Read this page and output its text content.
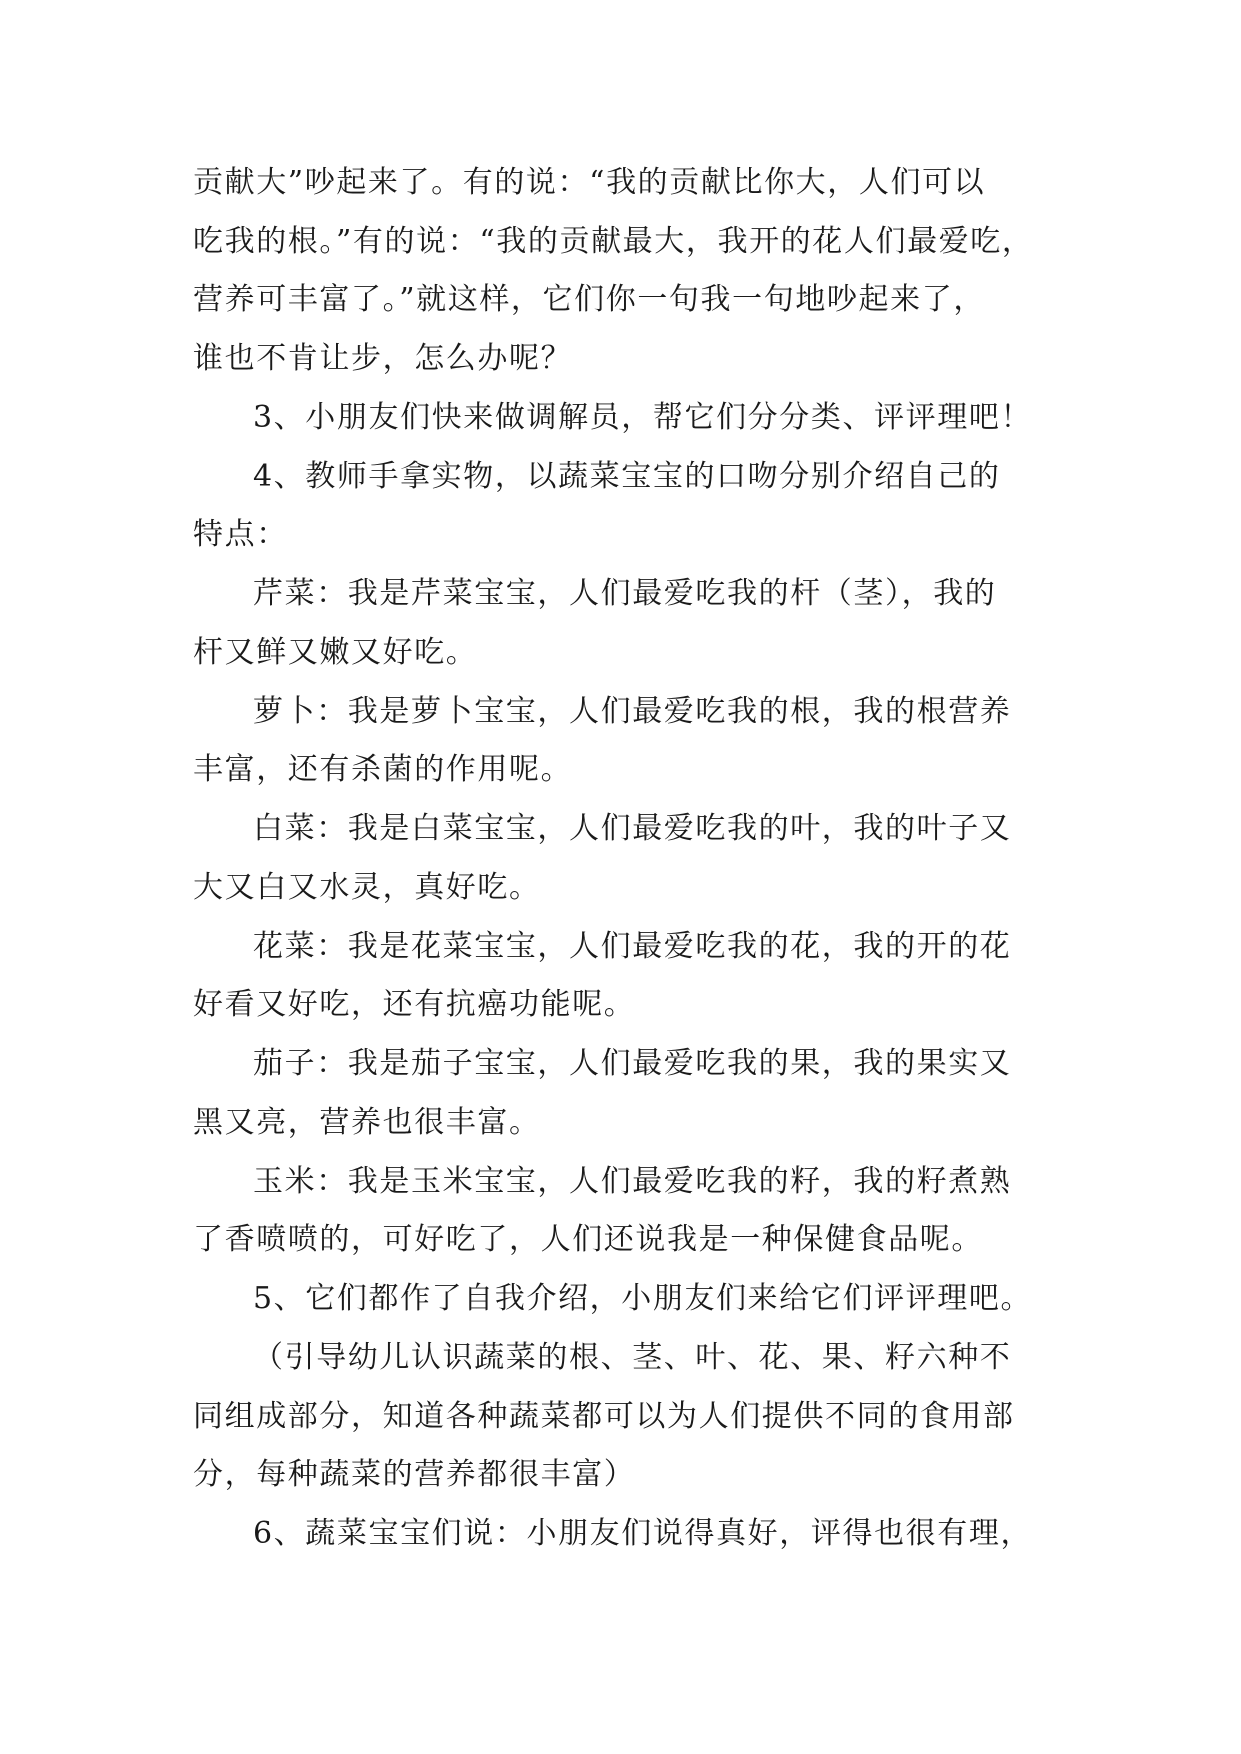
贡献大”吵起来了。有的说：“我的贡献比你大，人们可以
吃我的根。”有的说：“我的贡献最大，我开的花人们最爱吃，
营养可丰富了。”就这样，它们你一句我一句地吵起来了，
谁也不肯让步，怎么办呢？
3、小朋友们快来做调解员，帮它们分分类、评评理吧！
4、教师手拿实物，以蔬菜宝宝的口吻分别介绍自己的
特点：
芹菜：我是芹菜宝宝，人们最爱吃我的杆（茎），我的
杆又鲜又嫩又好吃。
萝卜：我是萝卜宝宝，人们最爱吃我的根，我的根营养
丰富，还有杀菌的作用呢。
白菜：我是白菜宝宝，人们最爱吃我的叶，我的叶子又
大又白又水灵，真好吃。
花菜：我是花菜宝宝，人们最爱吃我的花，我的开的花
好看又好吃，还有抗癌功能呢。
茄子：我是茄子宝宝，人们最爱吃我的果，我的果实又
黑又亮，营养也很丰富。
玉米：我是玉米宝宝，人们最爱吃我的籽，我的籽煮熟
了香喷喷的，可好吃了，人们还说我是一种保健食品呢。
5、它们都作了自我介绍，小朋友们来给它们评评理吧。
（引导幼儿认识蔬菜的根、茎、叶、花、果、籽六种不
同组成部分，知道各种蔬菜都可以为人们提供不同的食用部
分，每种蔬菜的营养都很丰富）
6、蔬菜宝宝们说：小朋友们说得真好，评得也很有理，
